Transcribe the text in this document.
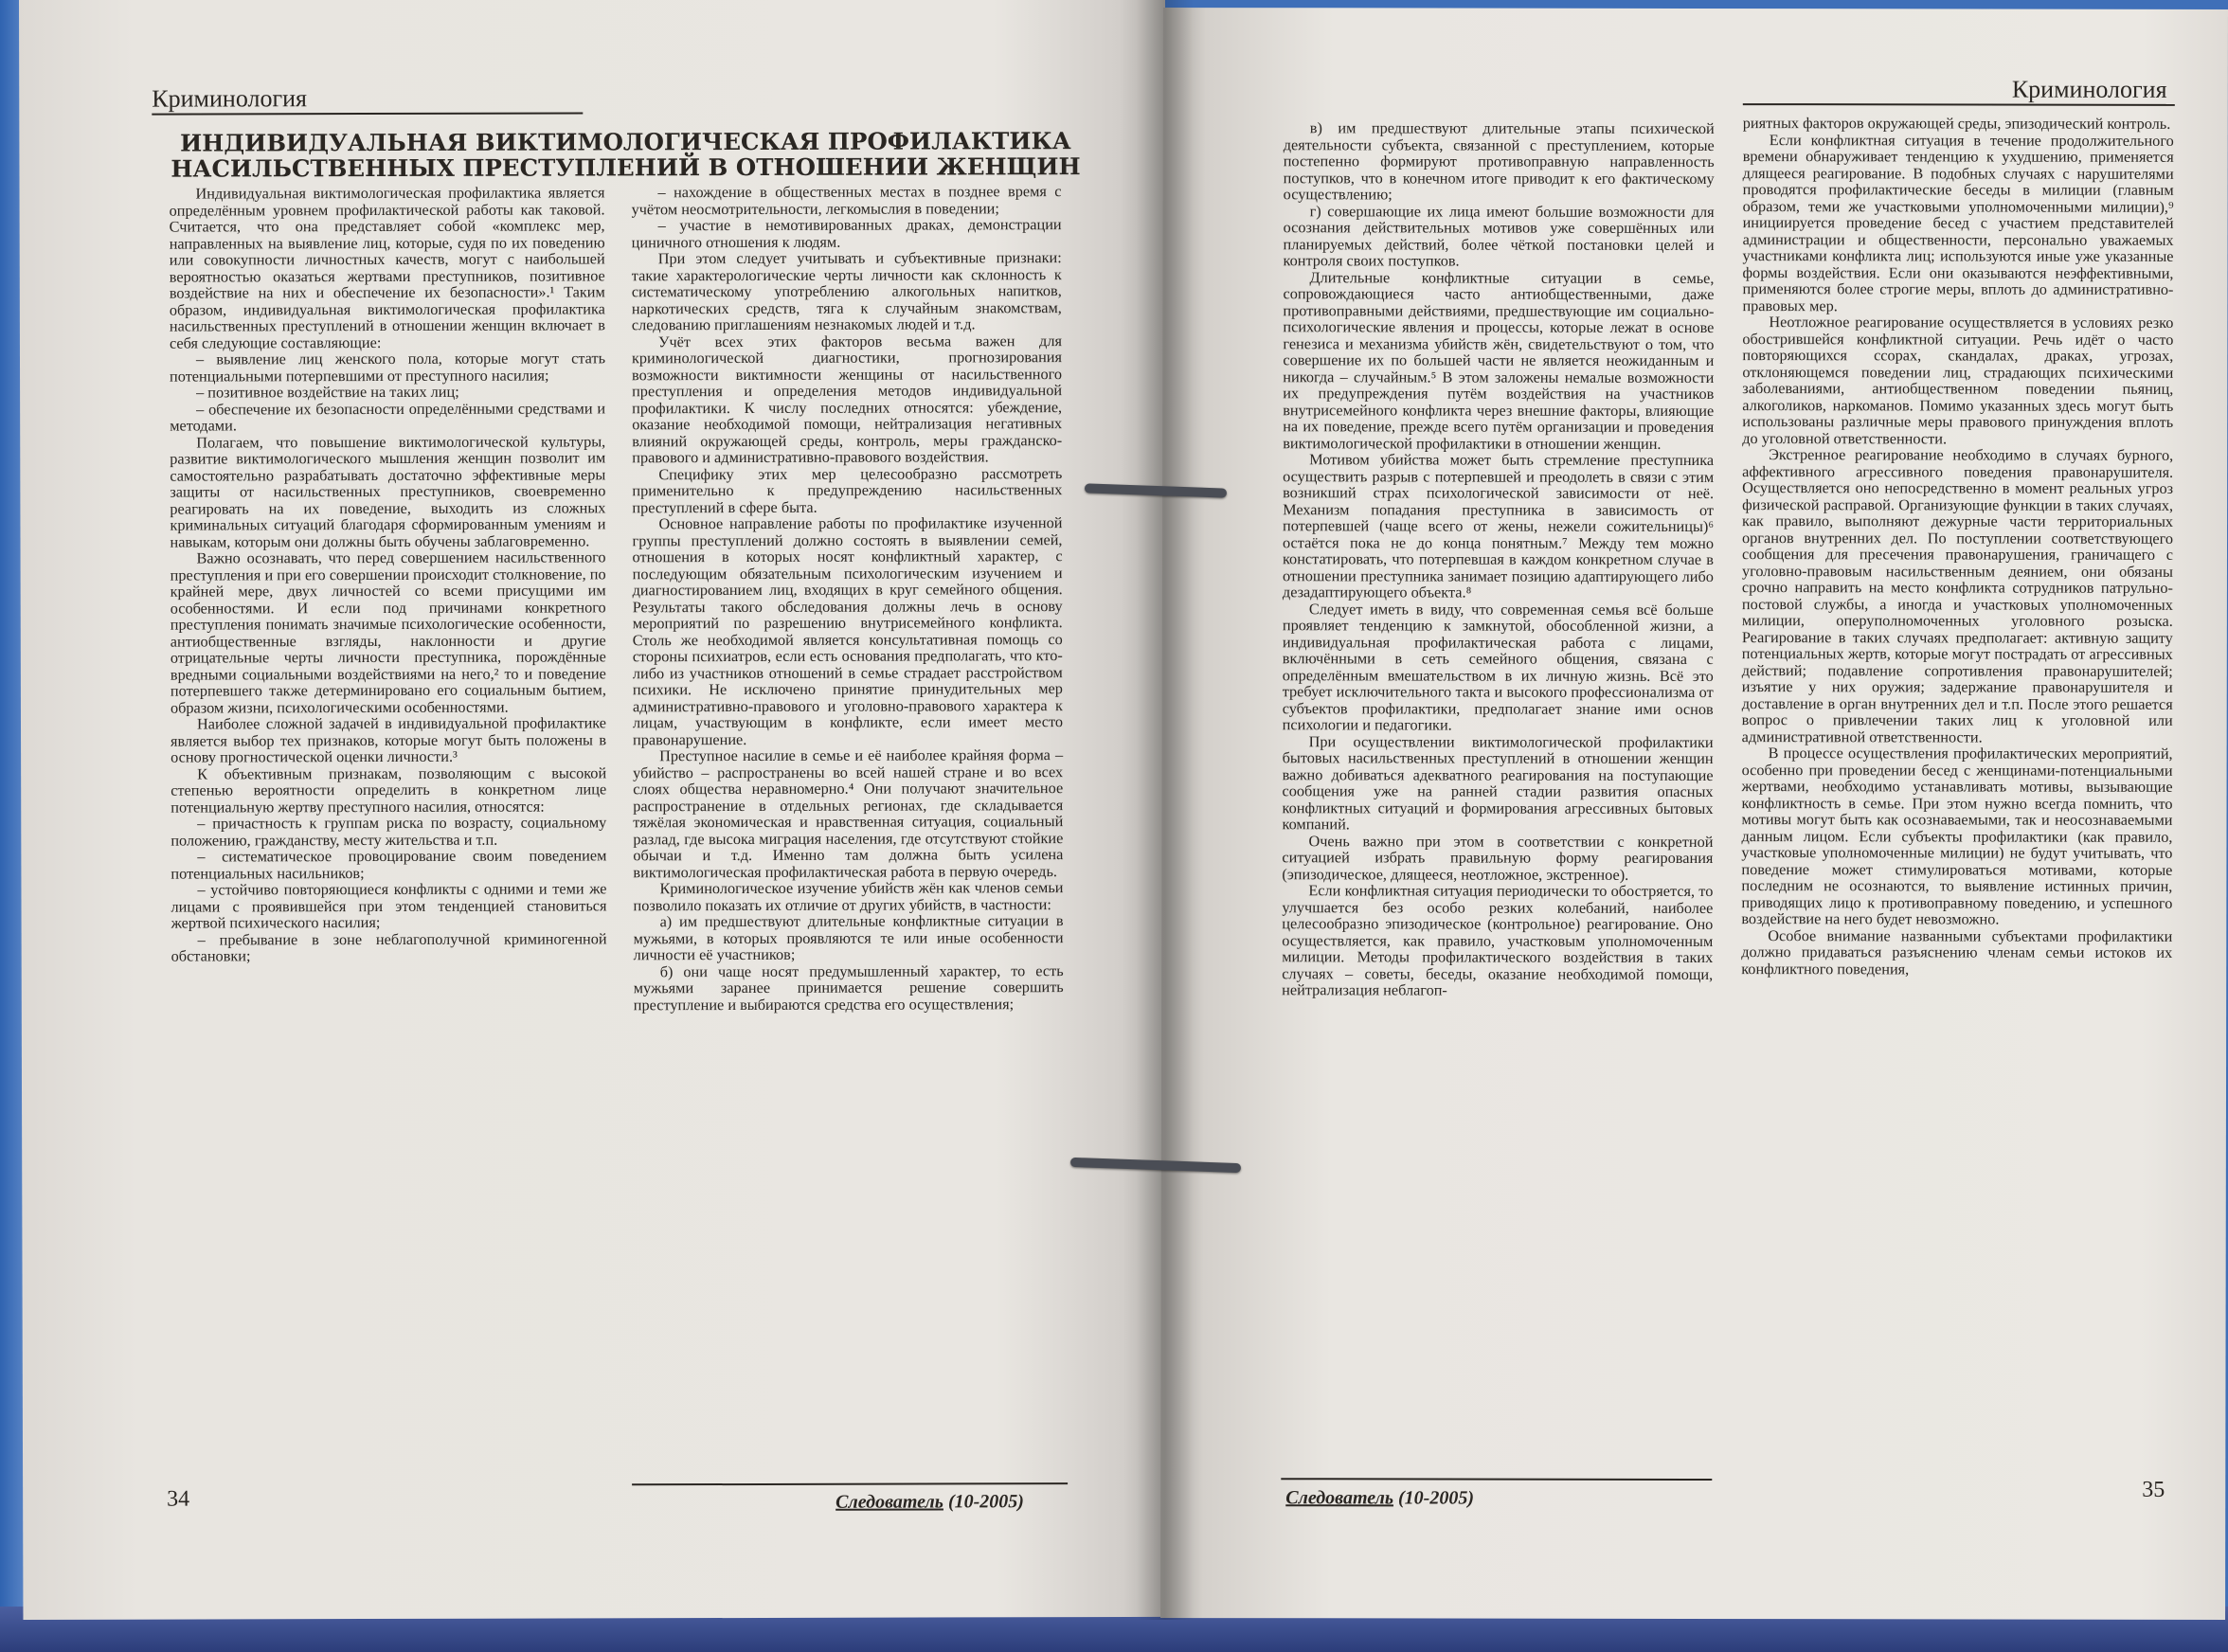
Криминология
ИНДИВИДУАЛЬНАЯ ВИКТИМОЛОГИЧЕСКАЯ ПРОФИЛАКТИКА
НАСИЛЬСТВЕННЫХ ПРЕСТУПЛЕНИЙ В ОТНОШЕНИИ ЖЕНЩИН

Индивидуальная виктимологическая профилактика является определённым уровнем профилактической работы как таковой. Считается, что она представляет собой «комплекс мер, направленных на выявление лиц, которые, судя по их поведению или совокупности личностных качеств, могут с наибольшей вероятностью оказаться жертвами преступников, позитивное воздействие на них и обеспечение их безопасности».¹ Таким образом, индивидуальная виктимологическая профилактика насильственных преступлений в отношении женщин включает в себя следующие составляющие:

– выявление лиц женского пола, которые могут стать потенциальными потерпевшими от преступного насилия;

– позитивное воздействие на таких лиц;

– обеспечение их безопасности определёнными средствами и методами.

Полагаем, что повышение виктимологической культуры, развитие виктимологического мышления женщин позволит им самостоятельно разрабатывать достаточно эффективные меры защиты от насильственных преступников, своевременно реагировать на их поведение, выходить из сложных криминальных ситуаций благодаря сформированным умениям и навыкам, которым они должны быть обучены заблаговременно.

Важно осознавать, что перед совершением насильственного преступления и при его совершении происходит столкновение, по крайней мере, двух личностей со всеми присущими им особенностями. И если под причинами конкретного преступления понимать значимые психологические особенности, антиобщественные взгляды, наклонности и другие отрицательные черты личности преступника, порождённые вредными социальными воздействиями на него,² то и поведение потерпевшего также детерминировано его социальным бытием, образом жизни, психологическими особенностями.

Наиболее сложной задачей в индивидуальной профилактике является выбор тех признаков, которые могут быть положены в основу прогностической оценки личности.³

К объективным признакам, позволяющим с высокой степенью вероятности определить в конкретном лице потенциальную жертву преступного насилия, относятся:

– причастность к группам риска по возрасту, социальному положению, гражданству, месту жительства и т.п.

– систематическое провоцирование своим поведением потенциальных насильников;

– устойчиво повторяющиеся конфликты с одними и теми же лицами с проявившейся при этом тенденцией становиться жертвой психического насилия;

– пребывание в зоне неблагополучной криминогенной обстановки;

– нахождение в общественных местах в позднее время с учётом неосмотрительности, легкомыслия в поведении;

– участие в немотивированных драках, демонстрации циничного отношения к людям.

При этом следует учитывать и субъективные признаки: такие характерологические черты личности как склонность к систематическому употреблению алкогольных напитков, наркотических средств, тяга к случайным знакомствам, следованию приглашениям незнакомых людей и т.д.

Учёт всех этих факторов весьма важен для криминологической диагностики, прогнозирования возможности виктимности женщины от насильственного преступления и определения методов индивидуальной профилактики. К числу последних относятся: убеждение, оказание необходимой помощи, нейтрализация негативных влияний окружающей среды, контроль, меры гражданско-правового и административно-правового воздействия.

Специфику этих мер целесообразно рассмотреть применительно к предупреждению насильственных преступлений в сфере быта.

Основное направление работы по профилактике изученной группы преступлений должно состоять в выявлении семей, отношения в которых носят конфликтный характер, с последующим обязательным психологическим изучением и диагностированием лиц, входящих в круг семейного общения. Результаты такого обследования должны лечь в основу мероприятий по разрешению внутрисемейного конфликта. Столь же необходимой является консультативная помощь со стороны психиатров, если есть основания предполагать, что кто-либо из участников отношений в семье страдает расстройством психики. Не исключено принятие принудительных мер административно-правового и уголовно-правового характера к лицам, участвующим в конфликте, если имеет место правонарушение.

Преступное насилие в семье и её наиболее крайняя форма – убийство – распространены во всей нашей стране и во всех слоях общества неравномерно.⁴ Они получают значительное распространение в отдельных регионах, где складывается тяжёлая экономическая и нравственная ситуация, социальный разлад, где высока миграция населения, где отсутствуют стойкие обычаи и т.д. Именно там должна быть усилена виктимологическая профилактическая работа в первую очередь.

Криминологическое изучение убийств жён как членов семьи позволило показать их отличие от других убийств, в частности:

а) им предшествуют длительные конфликтные ситуации в мужьями, в которых проявляются те или иные особенности личности её участников;

б) они чаще носят предумышленный характер, то есть мужьями заранее принимается решение совершить преступление и выбираются средства его осуществления;

34	Следователь (10-2005)
Криминология

в) им предшествуют длительные этапы психической деятельности субъекта, связанной с преступлением, которые постепенно формируют противоправную направленность поступков, что в конечном итоге приводит к его фактическому осуществлению;

г) совершающие их лица имеют большие возможности для осознания действительных мотивов уже совершённых или планируемых действий, более чёткой постановки целей и контроля своих поступков.

Длительные конфликтные ситуации в семье, сопровождающиеся часто антиобщественными, даже противоправными действиями, предшествующие им социально-психологические явления и процессы, которые лежат в основе генезиса и механизма убийств жён, свидетельствуют о том, что совершение их по большей части не является неожиданным и никогда – случайным.⁵ В этом заложены немалые возможности их предупреждения путём воздействия на участников внутрисемейного конфликта через внешние факторы, влияющие на их поведение, прежде всего путём организации и проведения виктимологической профилактики в отношении женщин.

Мотивом убийства может быть стремление преступника осуществить разрыв с потерпевшей и преодолеть в связи с этим возникший страх психологической зависимости от неё. Механизм попадания преступника в зависимость от потерпевшей (чаще всего от жены, нежели сожительницы)⁶ остаётся пока не до конца понятным.⁷ Между тем можно констатировать, что потерпевшая в каждом конкретном случае в отношении преступника занимает позицию адаптирующего либо дезадаптирующего объекта.⁸

Следует иметь в виду, что современная семья всё больше проявляет тенденцию к замкнутой, обособленной жизни, а индивидуальная профилактическая работа с лицами, включёнными в сеть семейного общения, связана с определённым вмешательством в их личную жизнь. Всё это требует исключительного такта и высокого профессионализма от субъектов профилактики, предполагает знание ими основ психологии и педагогики.

При осуществлении виктимологической профилактики бытовых насильственных преступлений в отношении женщин важно добиваться адекватного реагирования на поступающие сообщения уже на ранней стадии развития опасных конфликтных ситуаций и формирования агрессивных бытовых компаний.

Очень важно при этом в соответствии с конкретной ситуацией избрать правильную форму реагирования (эпизодическое, длящееся, неотложное, экстренное).

Если конфликтная ситуация периодически то обостряется, то улучшается без особо резких колебаний, наиболее целесообразно эпизодическое (контрольное) реагирование. Оно осуществляется, как правило, участковым уполномоченным милиции. Методы профилактического воздействия в таких случаях – советы, беседы, оказание необходимой помощи, нейтрализация неблагоп-

риятных факторов окружающей среды, эпизодический контроль.

Если конфликтная ситуация в течение продолжительного времени обнаруживает тенденцию к ухудшению, применяется длящееся реагирование. В подобных случаях с нарушителями проводятся профилактические беседы в милиции (главным образом, теми же участковыми уполномоченными милиции),⁹ инициируется проведение бесед с участием представителей администрации и общественности, персонально уважаемых участниками конфликта лиц; используются иные уже указанные формы воздействия. Если они оказываются неэффективными, применяются более строгие меры, вплоть до административно-правовых мер.

Неотложное реагирование осуществляется в условиях резко обострившейся конфликтной ситуации. Речь идёт о часто повторяющихся ссорах, скандалах, драках, угрозах, отклоняющемся поведении лиц, страдающих психическими заболеваниями, антиобщественном поведении пьяниц, алкоголиков, наркоманов. Помимо указанных здесь могут быть использованы различные меры правового принуждения вплоть до уголовной ответственности.

Экстренное реагирование необходимо в случаях бурного, аффективного агрессивного поведения правонарушителя. Осуществляется оно непосредственно в момент реальных угроз физической расправой. Организующие функции в таких случаях, как правило, выполняют дежурные части территориальных органов внутренних дел. По поступлении соответствующего сообщения для пресечения правонарушения, граничащего с уголовно-правовым насильственным деянием, они обязаны срочно направить на место конфликта сотрудников патрульно-постовой службы, а иногда и участковых уполномоченных милиции, оперуполномоченных уголовного розыска. Реагирование в таких случаях предполагает: активную защиту потенциальных жертв, которые могут пострадать от агрессивных действий; подавление сопротивления правонарушителей; изъятие у них оружия; задержание правонарушителя и доставление в орган внутренних дел и т.п. После этого решается вопрос о привлечении таких лиц к уголовной или административной ответственности.

В процессе осуществления профилактических мероприятий, особенно при проведении бесед с женщинами-потенциальными жертвами, необходимо устанавливать мотивы, вызывающие конфликтность в семье. При этом нужно всегда помнить, что мотивы могут быть как осознаваемыми, так и неосознаваемыми данным лицом. Если субъекты профилактики (как правило, участковые уполномоченные милиции) не будут учитывать, что поведение может стимулироваться мотивами, которые последним не осознаются, то выявление истинных причин, приводящих лицо к противоправному поведению, и успешного воздействие на него будет невозможно.

Особое внимание названными субъектами профилактики должно придаваться разъяснению членам семьи истоков их конфликтного поведения,

Следователь (10-2005)	35
